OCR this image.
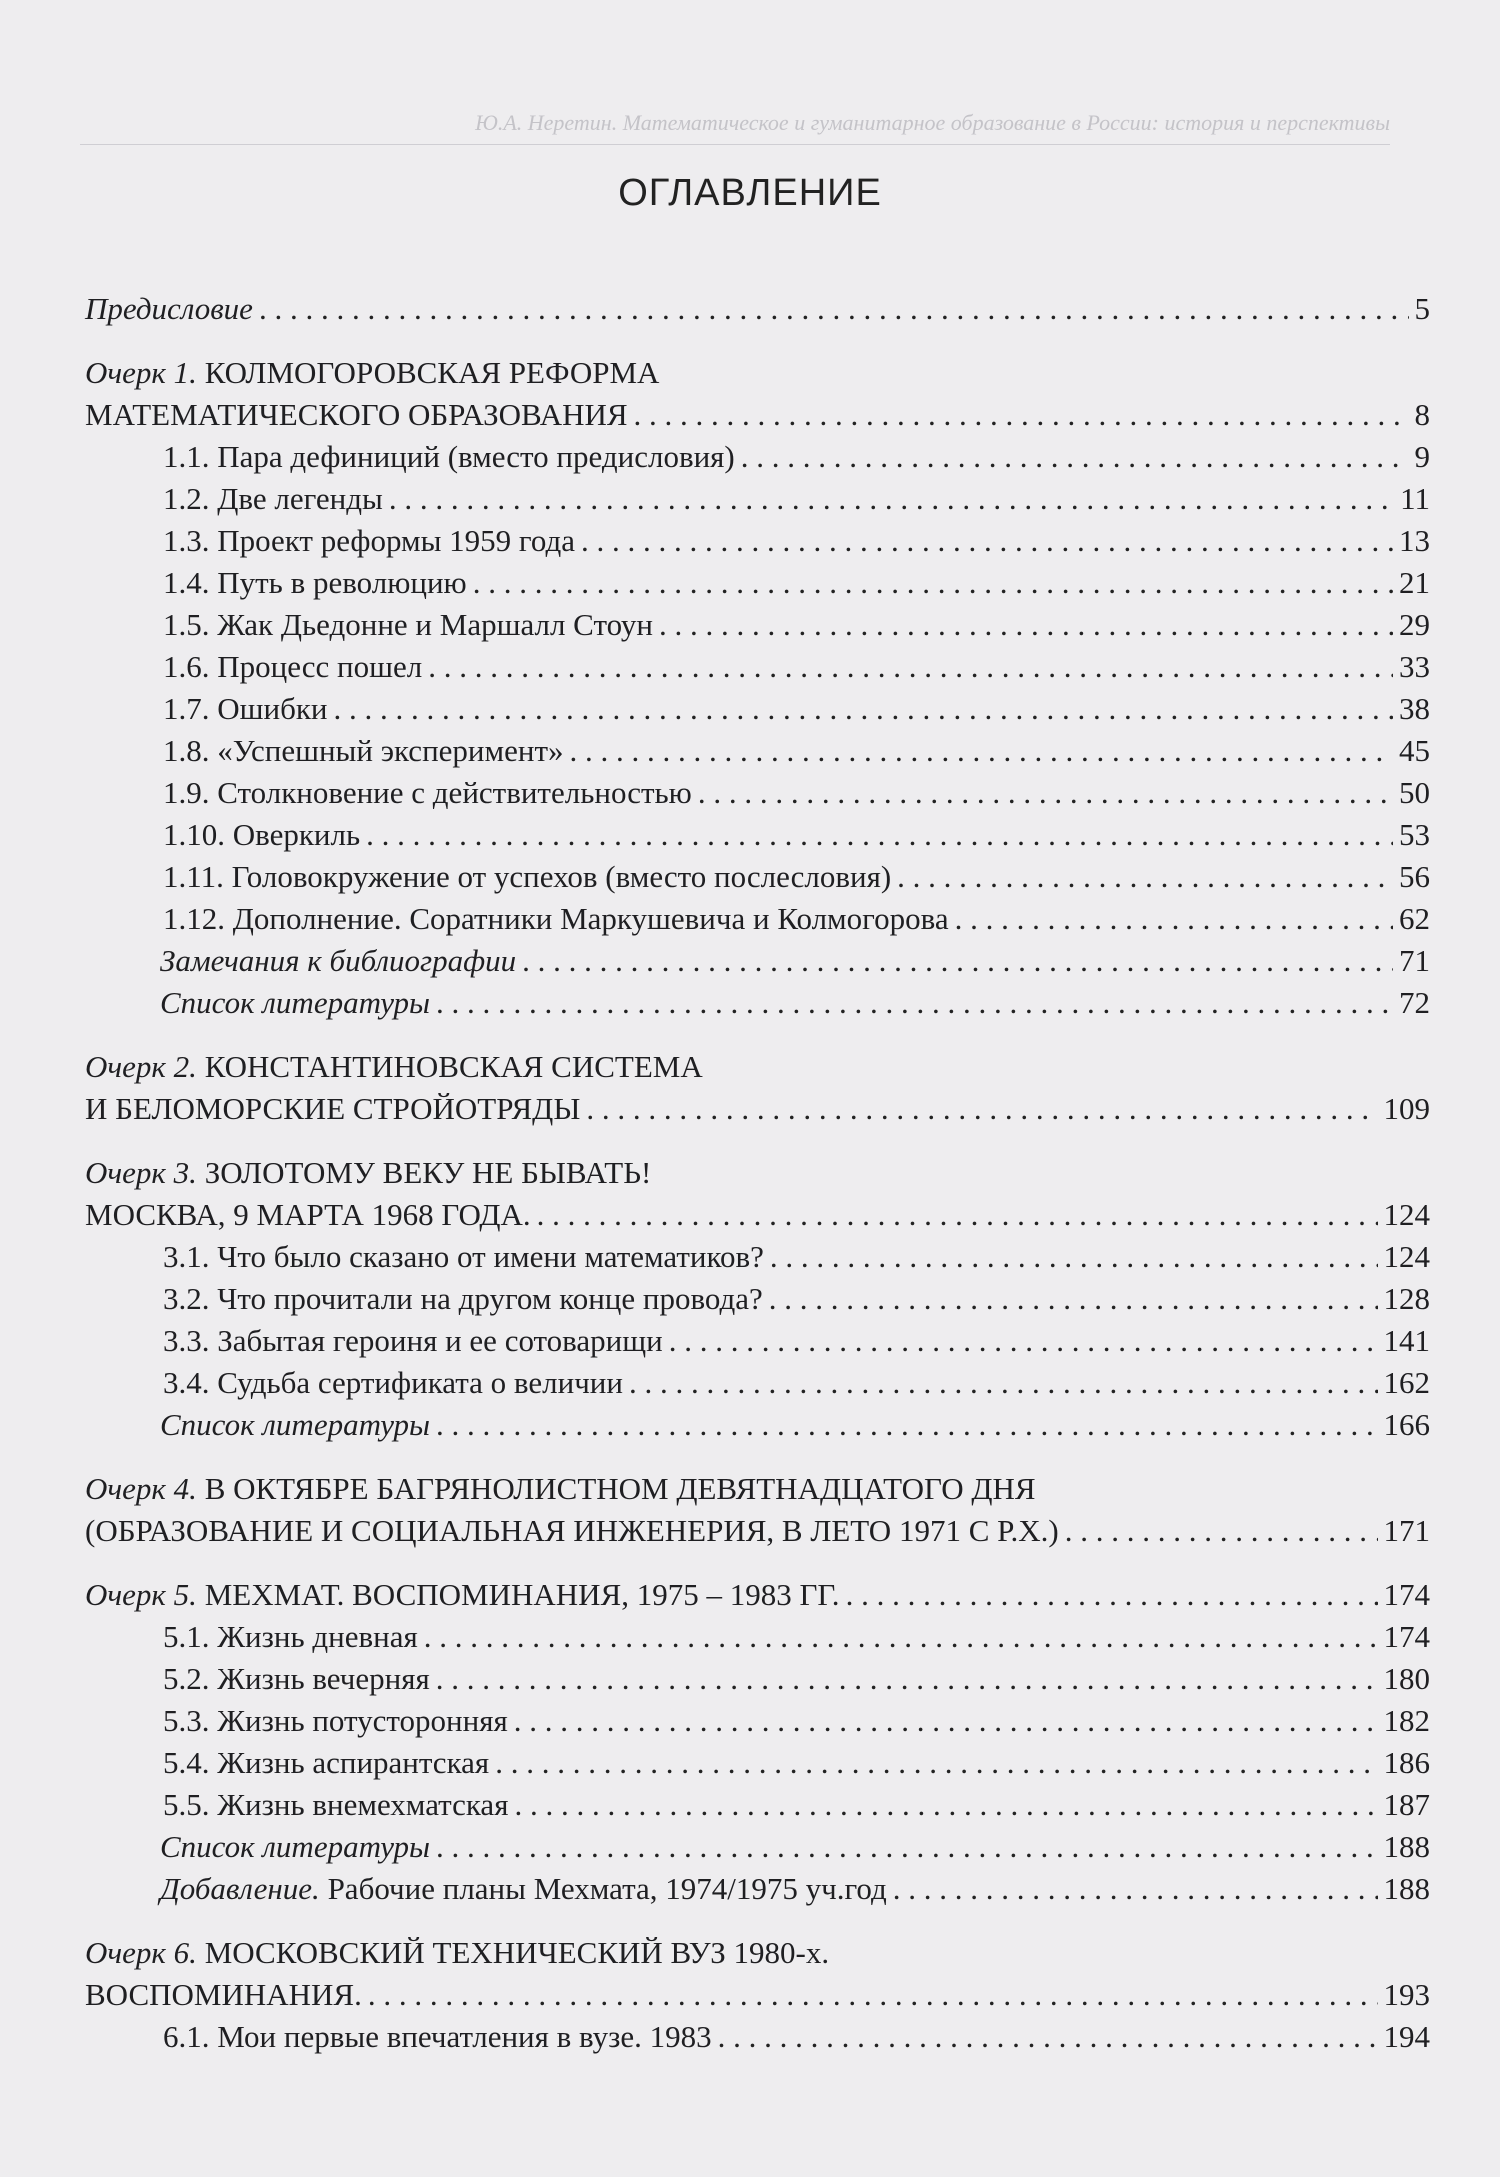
Ю.А. Неретин. Математическое и гуманитарное образование в России: история и перспективы
ОГЛАВЛЕНИЕ
Предисловие . . .	5
Очерк 1. КОЛМОГОРОВСКАЯ РЕФОРМА
МАТЕМАТИЧЕСКОГО ОБРАЗОВАНИЯ . . .	8
1.1. Пара дефиниций (вместо предисловия) . . .	9
1.2. Две легенды . . .	11
1.3. Проект реформы 1959 года . . .	13
1.4. Путь в революцию . . .	21
1.5. Жак Дьедонне и Маршалл Стоун . . .	29
1.6. Процесс пошел . . .	33
1.7. Ошибки . . .	38
1.8. «Успешный эксперимент» . . .	45
1.9. Столкновение с действительностью . . .	50
1.10. Оверкиль . . .	53
1.11. Головокружение от успехов (вместо послесловия) . . .	56
1.12. Дополнение. Соратники Маркушевича и Колмогорова . . .	62
Замечания к библиографии . . .	71
Список литературы . . .	72
Очерк 2. КОНСТАНТИНОВСКАЯ СИСТЕМА
И БЕЛОМОРСКИЕ СТРОЙОТРЯДЫ . . .	109
Очерк 3. ЗОЛОТОМУ ВЕКУ НЕ БЫВАТЬ!
МОСКВА, 9 МАРТА 1968 ГОДА. . . .	124
3.1. Что было сказано от имени математиков? . . .	124
3.2. Что прочитали на другом конце провода? . . .	128
3.3. Забытая героиня и ее сотоварищи . . .	141
3.4. Судьба сертификата о величии . . .	162
Список литературы . . .	166
Очерк 4. В ОКТЯБРЕ БАГРЯНОЛИСТНОМ ДЕВЯТНАДЦАТОГО ДНЯ
(ОБРАЗОВАНИЕ И СОЦИАЛЬНАЯ ИНЖЕНЕРИЯ, В ЛЕТО 1971 С Р.Х.) . . .	171
Очерк 5. МЕХМАТ. ВОСПОМИНАНИЯ, 1975 – 1983 ГГ. . . .	174
5.1. Жизнь дневная . . .	174
5.2. Жизнь вечерняя . . .	180
5.3. Жизнь потусторонняя . . .	182
5.4. Жизнь аспирантская . . .	186
5.5. Жизнь внемехматская . . .	187
Список литературы . . .	188
Добавление. Рабочие планы Мехмата, 1974/1975 уч.год . . .	188
Очерк 6. МОСКОВСКИЙ ТЕХНИЧЕСКИЙ ВУЗ 1980-х.
ВОСПОМИНАНИЯ. . . .	193
6.1. Мои первые впечатления в вузе. 1983 . . .	194
